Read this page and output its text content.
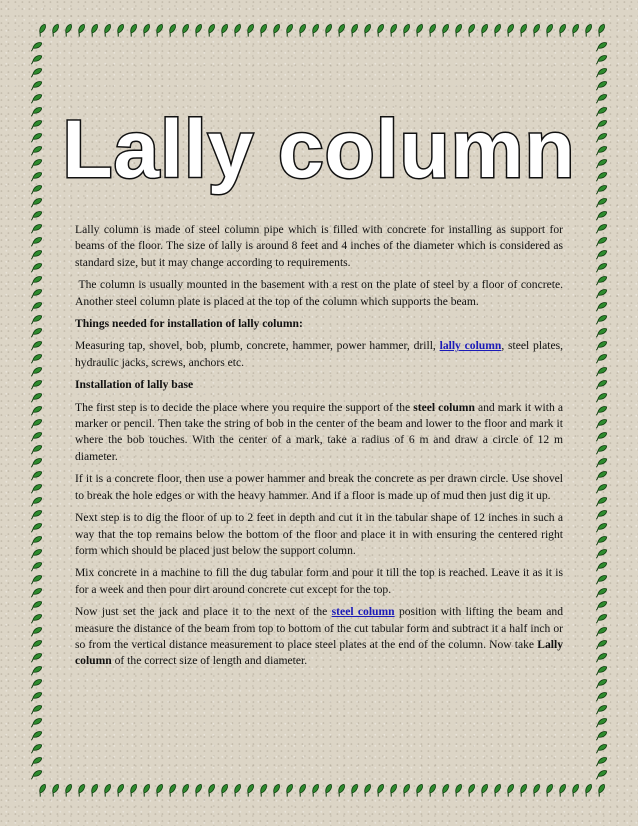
Lally column

Lally column is made of steel column pipe which is filled with concrete for installing as support for beams of the floor. The size of lally is around 8 feet and 4 inches of the diameter which is considered as standard size, but it may change according to requirements.

The column is usually mounted in the basement with a rest on the plate of steel by a floor of concrete. Another steel column plate is placed at the top of the column which supports the beam.

Things needed for installation of lally column:

Measuring tap, shovel, bob, plumb, concrete, hammer, power hammer, drill, lally column, steel plates, hydraulic jacks, screws, anchors etc.

Installation of lally base

The first step is to decide the place where you require the support of the steel column and mark it with a marker or pencil. Then take the string of bob in the center of the beam and lower to the floor and mark it where the bob touches. With the center of a mark, take a radius of 6 m and draw a circle of 12 m diameter.

If it is a concrete floor, then use a power hammer and break the concrete as per drawn circle. Use shovel to break the hole edges or with the heavy hammer. And if a floor is made up of mud then just dig it up.

Next step is to dig the floor of up to 2 feet in depth and cut it in the tabular shape of 12 inches in such a way that the top remains below the bottom of the floor and place it in with ensuring the centered right form which should be placed just below the support column.

Mix concrete in a machine to fill the dug tabular form and pour it till the top is reached. Leave it as it is for a week and then pour dirt around concrete cut except for the top.

Now just set the jack and place it to the next of the steel column position with lifting the beam and measure the distance of the beam from top to bottom of the cut tabular form and subtract it a half inch or so from the vertical distance measurement to place steel plates at the end of the column. Now take Lally column of the correct size of length and diameter.
